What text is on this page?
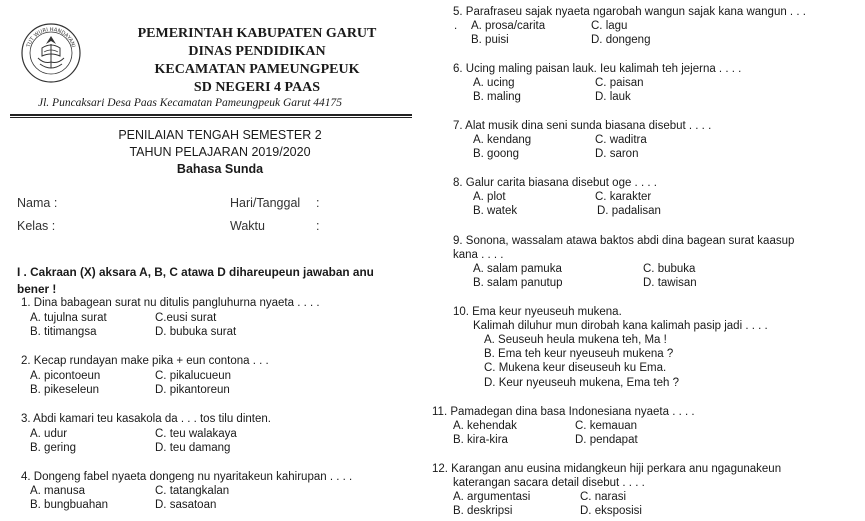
TUT WURI HANDAYANI
PEMERINTAH KABUPATEN GARUT
DINAS PENDIDIKAN
KECAMATAN PAMEUNGPEUK
SD NEGERI 4 PAAS
Jl. Puncaksari Desa Paas Kecamatan Pameungpeuk Garut 44175
PENILAIAN TENGAH SEMESTER 2
TAHUN PELAJARAN 2019/2020
Bahasa Sunda
Nama :	Hari/Tanggal :
Kelas :	Waktu	:
I . Cakraan (X) aksara A, B, C atawa D dihareupeun jawaban anu
bener !
1. Dina babagean surat nu ditulis pangluhurna nyaeta . . . .
A. tujulna surat	C.eusi surat
B. titimangsa	D. bubuka surat
2. Kecap rundayan make pika + eun contona . . .
A. picontoeun	C. pikalucueun
B. pikeseleun	D. pikantoreun
3. Abdi kamari teu kasakola da . . . tos tilu dinten.
A. udur	C. teu walakaya
B. gering	D. teu damang
4. Dongeng fabel nyaeta dongeng nu nyaritakeun kahirupan . . . .
A. manusa	C. tatangkalan
B. bungbuahan	D. sasatoan
5. Parafraseu sajak nyaeta ngarobah wangun sajak kana wangun . . .
. A. prosa/carita	C. lagu
B. puisi	D. dongeng
6. Ucing maling paisan lauk. Ieu kalimah teh jejerna . . . .
A. ucing	C. paisan
B. maling	D. lauk
7. Alat musik dina seni sunda biasana disebut . . . .
A. kendang	C. waditra
B. goong	D. saron
8. Galur carita biasana disebut oge . . . .
A. plot	C. karakter
B. watek	D. padalisan
9. Sonona, wassalam atawa baktos abdi dina bagean surat kaasup
kana . . . .
A. salam pamuka	C. bubuka
B. salam panutup	D. tawisan
10. Ema keur nyeuseuh mukena.
Kalimah diluhur mun dirobah kana kalimah pasip jadi . . . .
A. Seuseuh heula mukena teh, Ma !
B. Ema teh keur nyeuseuh mukena ?
C. Mukena keur diseuseuh ku Ema.
D. Keur nyeuseuh mukena, Ema teh ?
11. Pamadegan dina basa Indonesiana nyaeta . . . .
A. kehendak	C. kemauan
B. kira-kira	D. pendapat
12. Karangan anu eusina midangkeun hiji perkara anu ngagunakeun
katerangan sacara detail disebut . . . .
A. argumentasi	C. narasi
B. deskripsi	D. eksposisi
